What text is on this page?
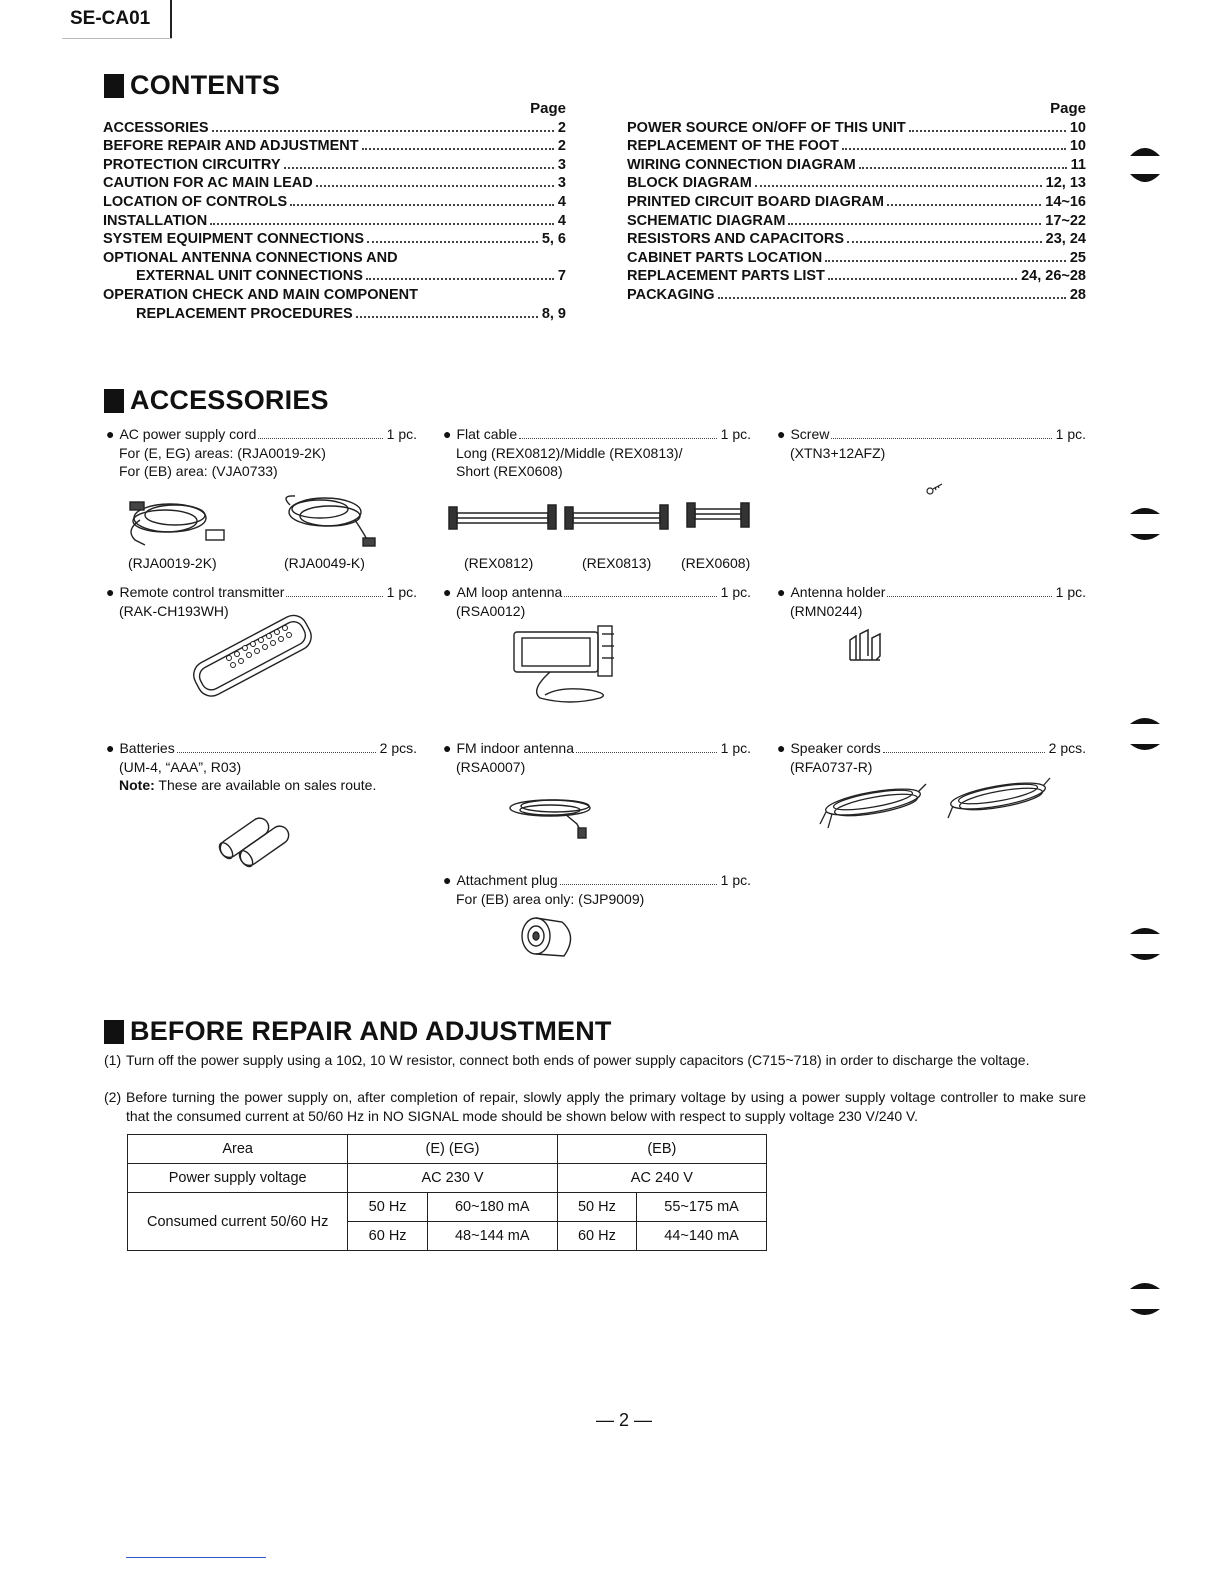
SE-CA01
CONTENTS
Page
ACCESSORIES	2
BEFORE REPAIR AND ADJUSTMENT	2
PROTECTION CIRCUITRY	3
CAUTION FOR AC MAIN LEAD	3
LOCATION OF CONTROLS	4
INSTALLATION	4
SYSTEM EQUIPMENT CONNECTIONS	5, 6
OPTIONAL ANTENNA CONNECTIONS AND
EXTERNAL UNIT CONNECTIONS	7
OPERATION CHECK AND MAIN COMPONENT
REPLACEMENT PROCEDURES	8, 9
Page
POWER SOURCE ON/OFF OF THIS UNIT	10
REPLACEMENT OF THE FOOT	10
WIRING CONNECTION DIAGRAM	11
BLOCK DIAGRAM	12, 13
PRINTED CIRCUIT BOARD DIAGRAM	14~16
SCHEMATIC DIAGRAM	17~22
RESISTORS AND CAPACITORS	23, 24
CABINET PARTS LOCATION	25
REPLACEMENT PARTS LIST	24, 26~28
PACKAGING	28
ACCESSORIES
● AC power supply cord	1 pc.
For (E, EG) areas: (RJA0019-2K)
For (EB) area: (VJA0733)
(RJA0019-2K)	(RJA0049-K)
● Flat cable	1 pc.
Long (REX0812)/Middle (REX0813)/
Short (REX0608)
(REX0812)	(REX0813) (REX0608)
● Screw	1 pc.
(XTN3+12AFZ)
● Remote control transmitter	1 pc.
(RAK-CH193WH)
● AM loop antenna	1 pc.
(RSA0012)
● Antenna holder	1 pc.
(RMN0244)
● Batteries	2 pcs.
(UM-4, “AAA”, R03)
Note: These are available on sales route.
● FM indoor antenna	1 pc.
(RSA0007)
● Speaker cords	2 pcs.
(RFA0737-R)
● Attachment plug	1 pc.
For (EB) area only: (SJP9009)
BEFORE REPAIR AND ADJUSTMENT
(1) Turn off the power supply using a 10Ω, 10 W resistor, connect both ends of power supply capacitors (C715~718) in order to discharge the voltage.
(2) Before turning the power supply on, after completion of repair, slowly apply the primary voltage by using a power supply voltage controller to make sure that the consumed current at 50/60 Hz in NO SIGNAL mode should be shown below with respect to supply voltage 230 V/240 V.
Area	(E) (EG)		(EB)	
Power supply voltage	AC 230 V		AC 240 V	
Consumed current 50/60 Hz	50 Hz	60~180 mA	50 Hz	55~175 mA
	60 Hz	48~144 mA	60 Hz	44~140 mA
— 2 —
